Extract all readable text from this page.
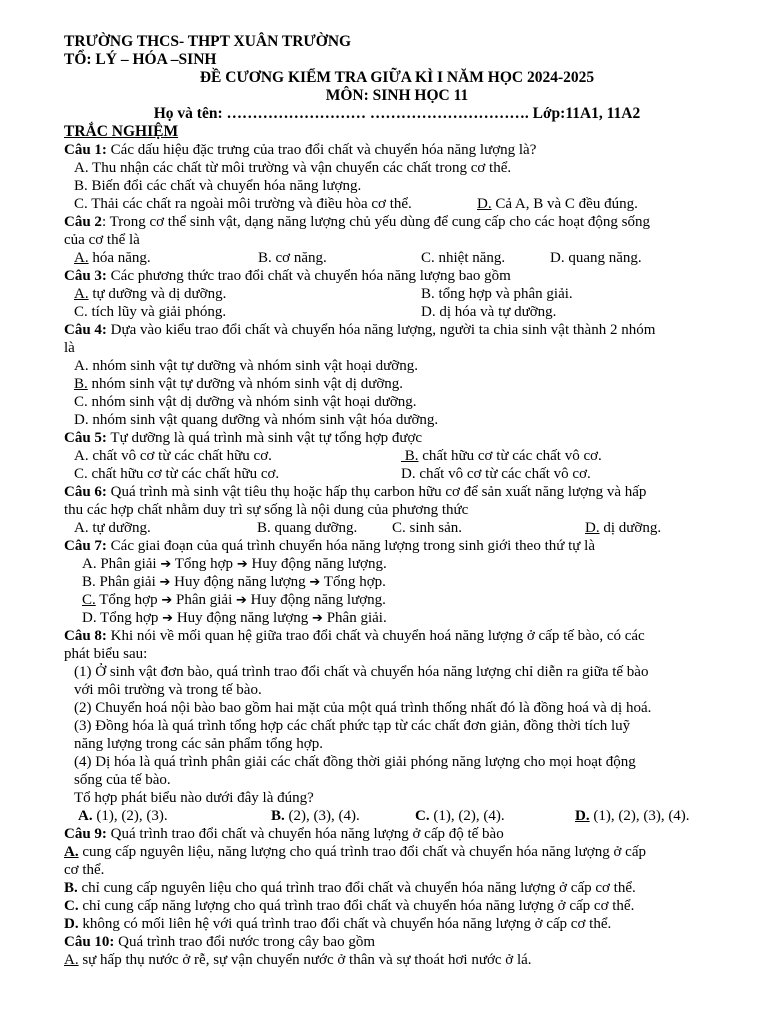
TRƯỜNG THCS- THPT XUÂN TRƯỜNG
TỔ: LÝ – HÓA –SINH
ĐỀ CƯƠNG KIỂM TRA GIỮA KÌ I NĂM HỌC 2024-2025
MÔN: SINH HỌC 11
Họ và tên: ……………………… …………………………. Lớp:11A1, 11A2
TRẮC NGHIỆM
Câu 1: Các dấu hiệu đặc trưng của trao đổi chất và chuyển hóa năng lượng là?
A. Thu nhận các chất từ môi trường và vận chuyển các chất trong cơ thể.
B. Biến đổi các chất và chuyển hóa năng lượng.
C. Thải các chất ra ngoài môi trường và điều hòa cơ thể.	D. Cả A, B và C đều đúng.
Câu 2: Trong cơ thể sinh vật, dạng năng lượng chủ yếu dùng để cung cấp cho các hoạt động sống
của cơ thể là
A. hóa năng.	B. cơ năng.	C. nhiệt năng.	D. quang năng.
Câu 3: Các phương thức trao đổi chất và chuyển hóa năng lượng bao gồm
A. tự dưỡng và dị dưỡng.	B. tổng hợp và phân giải.
C. tích lũy và giải phóng.	D. dị hóa và tự dưỡng.
Câu 4: Dựa vào kiểu trao đổi chất và chuyển hóa năng lượng, người ta chia sinh vật thành 2 nhóm
là
A. nhóm sinh vật tự dưỡng và nhóm sinh vật hoại dưỡng.
B. nhóm sinh vật tự dưỡng và nhóm sinh vật dị dưỡng.
C. nhóm sinh vật dị dưỡng và nhóm sinh vật hoại dưỡng.
D. nhóm sinh vật quang dưỡng và nhóm sinh vật hóa dưỡng.
Câu 5: Tự dưỡng là quá trình mà sinh vật tự tổng hợp được
A. chất vô cơ từ các chất hữu cơ.	B. chất hữu cơ từ các chất vô cơ.
C. chất hữu cơ từ các chất hữu cơ.	D. chất vô cơ từ các chất vô cơ.
Câu 6: Quá trình mà sinh vật tiêu thụ hoặc hấp thụ carbon hữu cơ để sản xuất năng lượng và hấp
thu các hợp chất nhằm duy trì sự sống là nội dung của phương thức
A. tự dưỡng.	B. quang dưỡng.	C. sinh sản.	D. dị dưỡng.
Câu 7: Các giai đoạn của quá trình chuyển hóa năng lượng trong sinh giới theo thứ tự là
A. Phân giải ➔ Tổng hợp ➔ Huy động năng lượng.
B. Phân giải ➔ Huy động năng lượng ➔ Tổng hợp.
C. Tổng hợp ➔ Phân giải ➔ Huy động năng lượng.
D. Tổng hợp ➔ Huy động năng lượng ➔ Phân giải.
Câu 8: Khi nói về mối quan hệ giữa trao đổi chất và chuyển hoá năng lượng ở cấp tế bào, có các
phát biểu sau:
(1) Ở sinh vật đơn bào, quá trình trao đổi chất và chuyển hóa năng lượng chỉ diễn ra giữa tế bào
với môi trường và trong tế bào.
(2) Chuyển hoá nội bào bao gồm hai mặt của một quá trình thống nhất đó là đồng hoá và dị hoá.
(3) Đồng hóa là quá trình tổng hợp các chất phức tạp từ các chất đơn giản, đồng thời tích luỹ
năng lượng trong các sản phẩm tổng hợp.
(4) Dị hóa là quá trình phân giải các chất đồng thời giải phóng năng lượng cho mọi hoạt động
sống của tế bào.
Tổ hợp phát biểu nào dưới đây là đúng?
A. (1), (2), (3).	B. (2), (3), (4).	C. (1), (2), (4).	D. (1), (2), (3), (4).
Câu 9: Quá trình trao đổi chất và chuyển hóa năng lượng ở cấp độ tế bào
A. cung cấp nguyên liệu, năng lượng cho quá trình trao đổi chất và chuyển hóa năng lượng ở cấp
cơ thể.
B. chỉ cung cấp nguyên liệu cho quá trình trao đổi chất và chuyển hóa năng lượng ở cấp cơ thể.
C. chỉ cung cấp năng lượng cho quá trình trao đổi chất và chuyển hóa năng lượng ở cấp cơ thể.
D. không có mối liên hệ với quá trình trao đổi chất và chuyển hóa năng lượng ở cấp cơ thể.
Câu 10: Quá trình trao đổi nước trong cây bao gồm
A. sự hấp thụ nước ở rễ, sự vận chuyển nước ở thân và sự thoát hơi nước ở lá.
